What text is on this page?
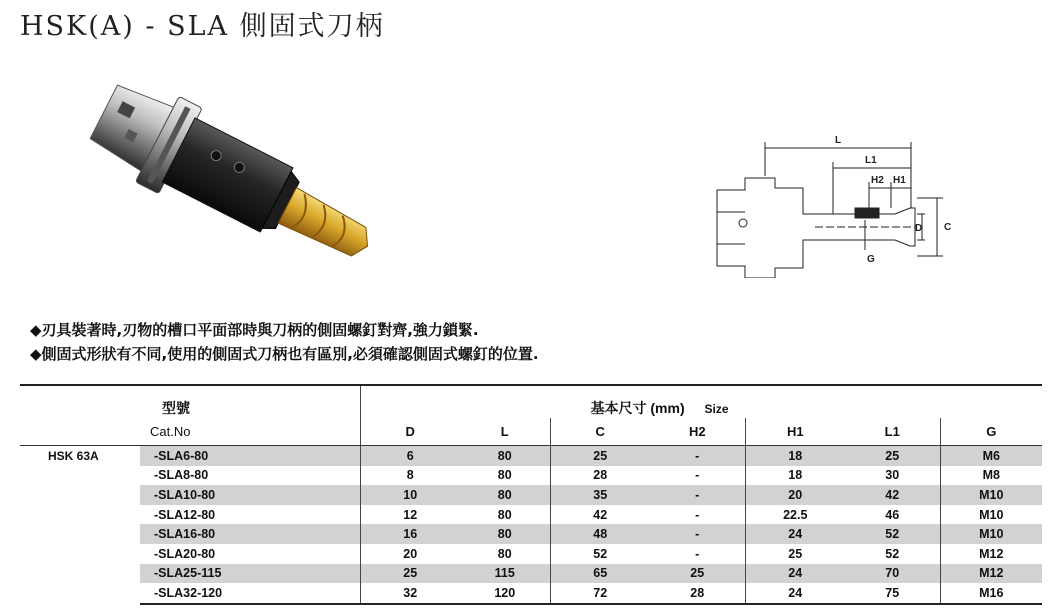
HSK(A) - SLA 側固式刀柄
L
L1
H2 H1
D C
G
◆刃具裝著時,刃物的槽口平面部時與刀柄的側固螺釘對齊,強力鎖緊.
◆側固式形狀有不同,使用的側固式刀柄也有區別,必須確認側固式螺釘的位置.
	型號	基本尺寸 (mm) Size						
	Cat.No	D	L	C	H2	H1	L1	G
HSK 63A	-SLA6-80	6	80	25	-	18	25	M6
	-SLA8-80	8	80	28	-	18	30	M8
	-SLA10-80	10	80	35	-	20	42	M10
	-SLA12-80	12	80	42	-	22.5	46	M10
	-SLA16-80	16	80	48	-	24	52	M10
	-SLA20-80	20	80	52	-	25	52	M12
	-SLA25-115	25	115	65	25	24	70	M12
	-SLA32-120	32	120	72	28	24	75	M16
